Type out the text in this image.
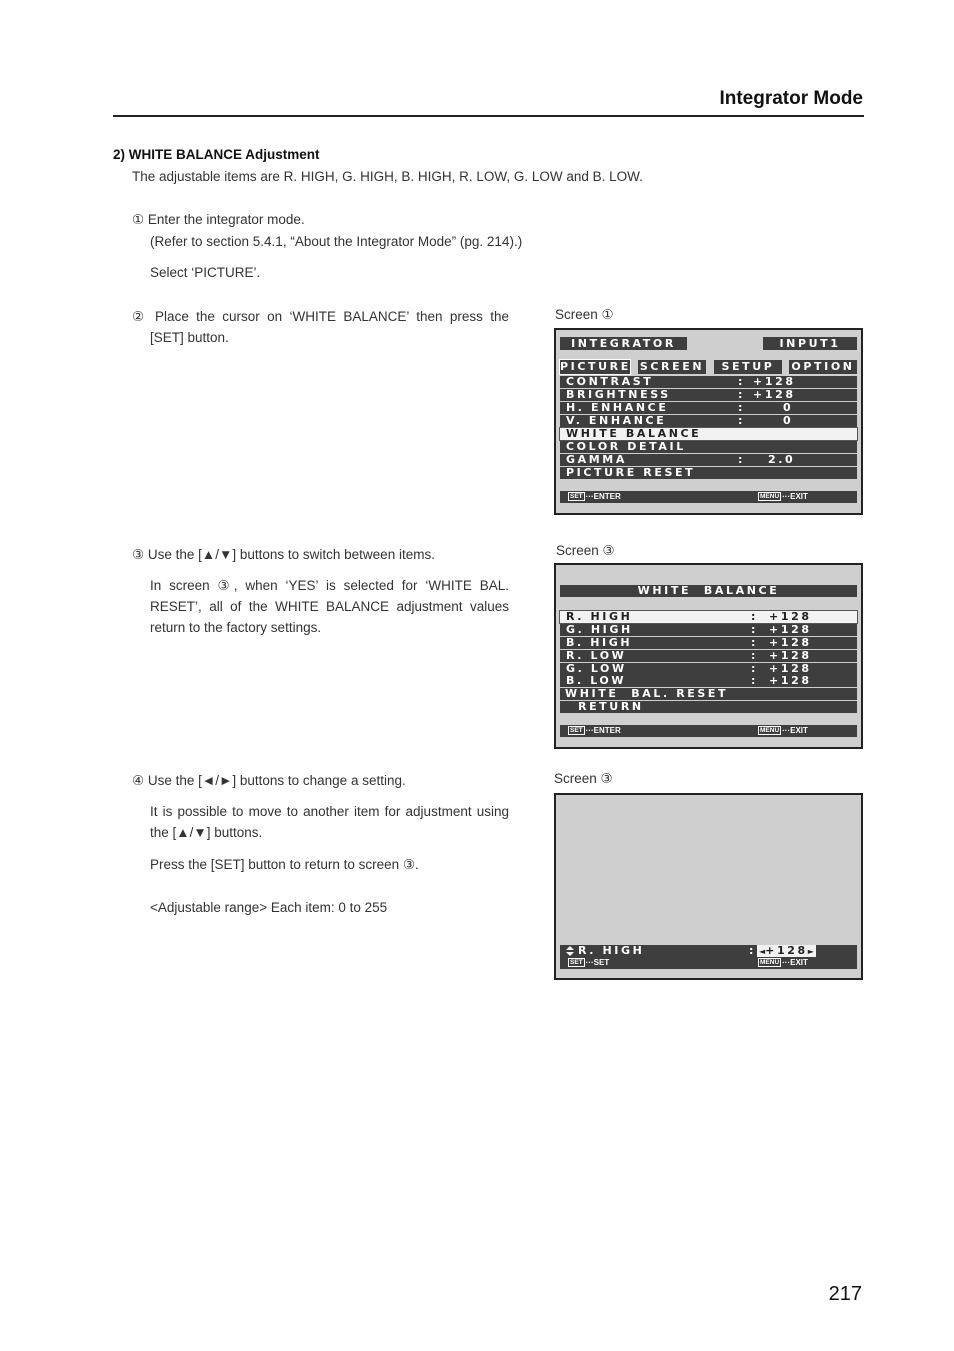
Integrator Mode
2) WHITE BALANCE Adjustment
The adjustable items are R. HIGH, G. HIGH, B. HIGH, R. LOW, G. LOW and B. LOW.
① Enter the integrator mode.
(Refer to section 5.4.1, “About the Integrator Mode” (pg. 214).)
Select ‘PICTURE’.
② Place the cursor on ‘WHITE BALANCE’ then press the [SET] button.
③ Use the [▲/▼] buttons to switch between items.
In screen ③, when ‘YES’ is selected for ‘WHITE BAL. RESET’, all of the WHITE BALANCE adjustment values return to the factory settings.
④ Use the [◄/►] buttons to change a setting.
It is possible to move to another item for adjustment using the [▲/▼] buttons.
Press the [SET] button to return to screen ③.
<Adjustable range> Each item: 0 to 255
Screen ①
INTEGRATOR	INPUT1
PICTURE SCREEN	SETUP	OPTION
CONTRAST	: +128
BRIGHTNESS	: +128
H. ENHANCE	:	0
V. ENHANCE	:	0
WHITE BALANCE
COLOR DETAIL
GAMMA	: 2.0
PICTURE RESET
SET ···ENTER	MENU ···EXIT
Screen ③
WHITE  BALANCE
R. HIGH	: +128
G. HIGH	: +128
B. HIGH	: +128
R. LOW	: +128
G. LOW	: +128
B. LOW	: +128
WHITE  BAL. RESET
RETURN
SET ···ENTER	MENU ···EXIT
Screen ③
R. HIGH	: ◄+128►
SET ···SET	MENU ···EXIT
217
